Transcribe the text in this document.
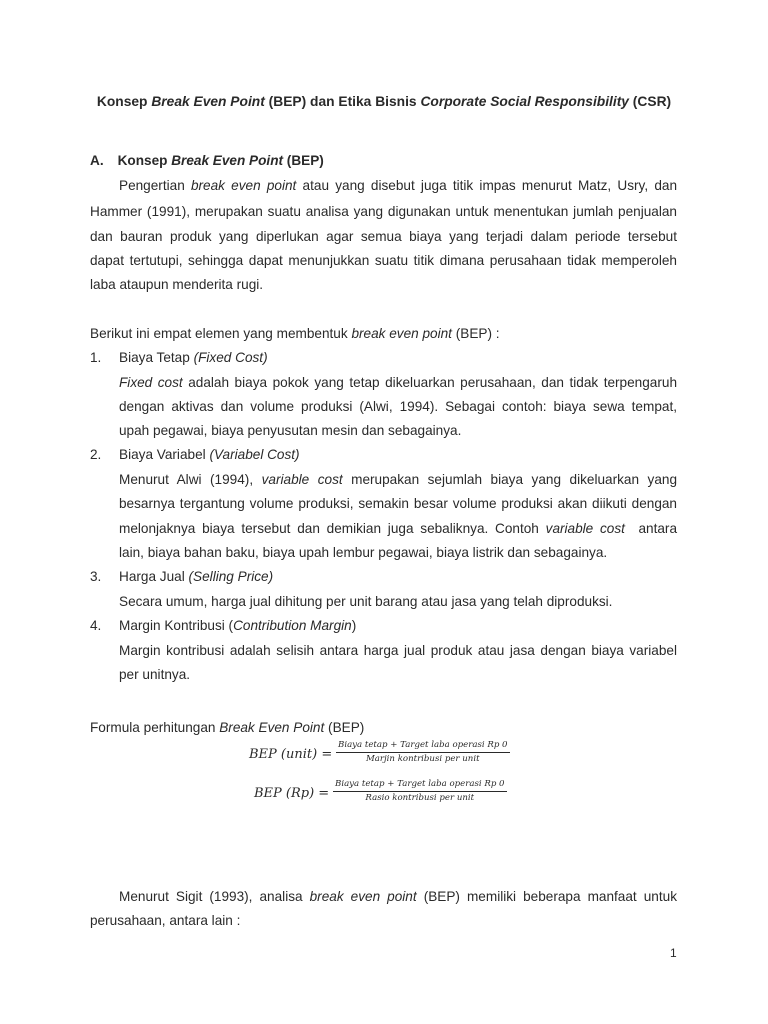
Konsep Break Even Point (BEP) dan Etika Bisnis Corporate Social Responsibility (CSR)
A. Konsep Break Even Point (BEP)
Pengertian break even point atau yang disebut juga titik impas menurut Matz, Usry, dan
Hammer (1991), merupakan suatu analisa yang digunakan untuk menentukan jumlah penjualan
dan bauran produk yang diperlukan agar semua biaya yang terjadi dalam periode tersebut
dapat tertutupi, sehingga dapat menunjukkan suatu titik dimana perusahaan tidak memperoleh
laba ataupun menderita rugi.
Berikut ini empat elemen yang membentuk break even point (BEP) :
1. Biaya Tetap (Fixed Cost)
Fixed cost adalah biaya pokok yang tetap dikeluarkan perusahaan, dan tidak terpengaruh
dengan aktivas dan volume produksi (Alwi, 1994). Sebagai contoh: biaya sewa tempat,
upah pegawai, biaya penyusutan mesin dan sebagainya.
2. Biaya Variabel (Variabel Cost)
Menurut Alwi (1994), variable cost merupakan sejumlah biaya yang dikeluarkan yang
besarnya tergantung volume produksi, semakin besar volume produksi akan diikuti dengan
melonjaknya biaya tersebut dan demikian juga sebaliknya. Contoh variable cost  antara
lain, biaya bahan baku, biaya upah lembur pegawai, biaya listrik dan sebagainya.
3. Harga Jual (Selling Price)
Secara umum, harga jual dihitung per unit barang atau jasa yang telah diproduksi.
4. Margin Kontribusi (Contribution Margin)
Margin kontribusi adalah selisih antara harga jual produk atau jasa dengan biaya variabel
per unitnya.
Formula perhitungan Break Even Point (BEP)
BEP (unit) =
Biaya tetap + Target laba operasi Rp 0
Marjin kontribusi per unit
BEP (Rp) =
Biaya tetap + Target laba operasi Rp 0
Rasio kontribusi per unit
Menurut Sigit (1993), analisa break even point (BEP) memiliki beberapa manfaat untuk
perusahaan, antara lain :
1
